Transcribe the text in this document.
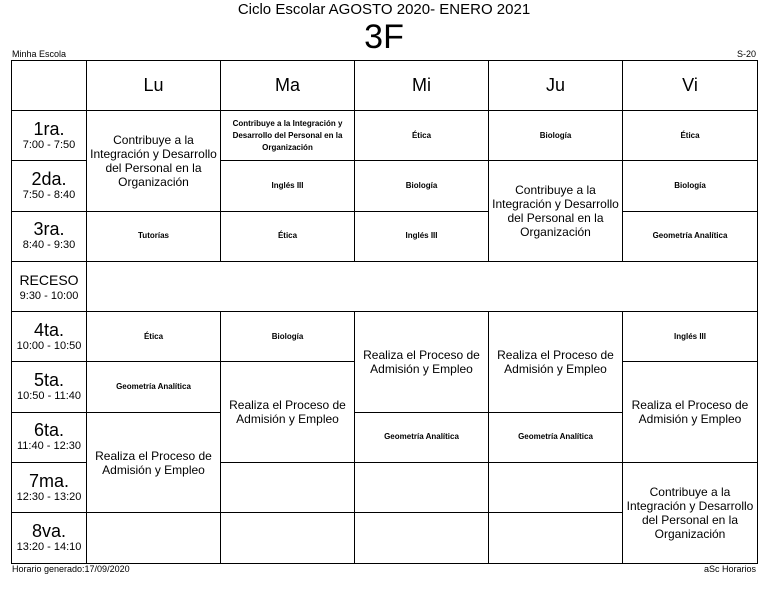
Ciclo Escolar AGOSTO 2020- ENERO 2021
3F
Minha Escola	S-20
	Lu	Ma	Mi	Ju	Vi
1ra.
7:00 - 7:50	Contribuye a la Integración y Desarrollo del Personal en la Organización	Contribuye a la Integración y Desarrollo del Personal en la Organización	Ética	Biología	Ética
2da.
7:50 - 8:40		Inglés III	Biología	Contribuye a la Integración y Desarrollo del Personal en la Organización	Biología
3ra.
8:40 - 9:30	Tutorías	Ética	Inglés III		Geometría Analítica
RECESO
9:30 - 10:00					

4ta.
10:00 - 10:50	Ética	Biología	Realiza el Proceso de Admisión y Empleo	Realiza el Proceso de Admisión y Empleo	Inglés III
5ta.
10:50 - 11:40	Geometría Analítica	Realiza el Proceso de Admisión y Empleo			Realiza el Proceso de Admisión y Empleo
6ta.
11:40 - 12:30	Realiza el Proceso de Admisión y Empleo		Geometría Analítica	Geometría Analítica	
7ma.
12:30 - 13:20					Contribuye a la Integración y Desarrollo del Personal en la Organización
8va.
13:20 - 14:10					

Horario generado:17/09/2020	aSc Horarios
